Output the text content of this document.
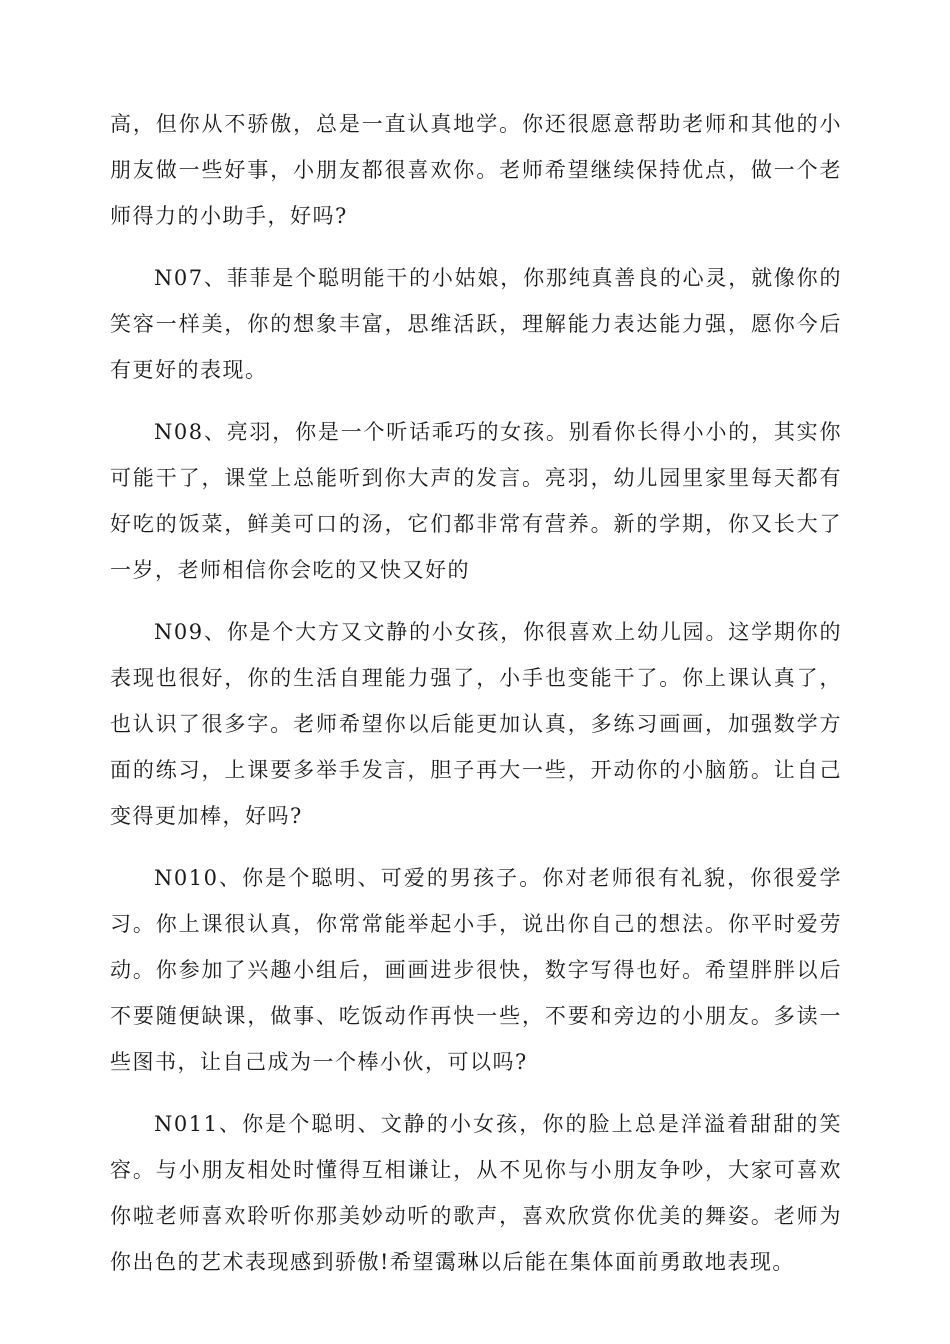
高，但你从不骄傲，总是一直认真地学。你还很愿意帮助老师和其他的小朋友做一些好事，小朋友都很喜欢你。老师希望继续保持优点，做一个老师得力的小助手，好吗?

N07、菲菲是个聪明能干的小姑娘，你那纯真善良的心灵，就像你的笑容一样美，你的想象丰富，思维活跃，理解能力表达能力强，愿你今后有更好的表现。

N08、亮羽，你是一个听话乖巧的女孩。别看你长得小小的，其实你可能干了，课堂上总能听到你大声的发言。亮羽，幼儿园里家里每天都有好吃的饭菜，鲜美可口的汤，它们都非常有营养。新的学期，你又长大了一岁，老师相信你会吃的又快又好的

N09、你是个大方又文静的小女孩，你很喜欢上幼儿园。这学期你的表现也很好，你的生活自理能力强了，小手也变能干了。你上课认真了，也认识了很多字。老师希望你以后能更加认真，多练习画画，加强数学方面的练习，上课要多举手发言，胆子再大一些，开动你的小脑筋。让自己变得更加棒，好吗?

N010、你是个聪明、可爱的男孩子。你对老师很有礼貌，你很爱学习。你上课很认真，你常常能举起小手，说出你自己的想法。你平时爱劳动。你参加了兴趣小组后，画画进步很快，数字写得也好。希望胖胖以后不要随便缺课，做事、吃饭动作再快一些，不要和旁边的小朋友。多读一些图书，让自己成为一个棒小伙，可以吗?

N011、你是个聪明、文静的小女孩，你的脸上总是洋溢着甜甜的笑容。与小朋友相处时懂得互相谦让，从不见你与小朋友争吵，大家可喜欢你啦老师喜欢聆听你那美妙动听的歌声，喜欢欣赏你优美的舞姿。老师为你出色的艺术表现感到骄傲!希望霭琳以后能在集体面前勇敢地表现。
